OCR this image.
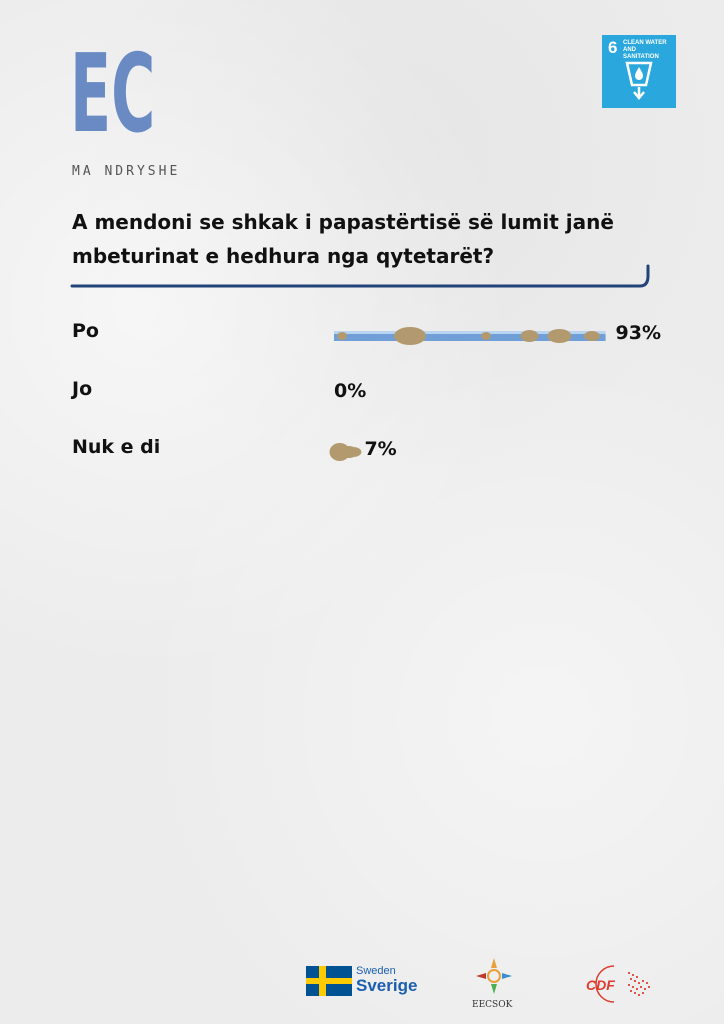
EC
MA NDRYSHE
6 CLEAN WATER
AND SANITATION
A mendoni se shkak i papastërtisë së lumit janë mbeturinat e hedhura nga qytetarët?
Po
Jo
Nuk e di
93%
0%
7%
Sweden
Sverige
EECSOK
CDF
